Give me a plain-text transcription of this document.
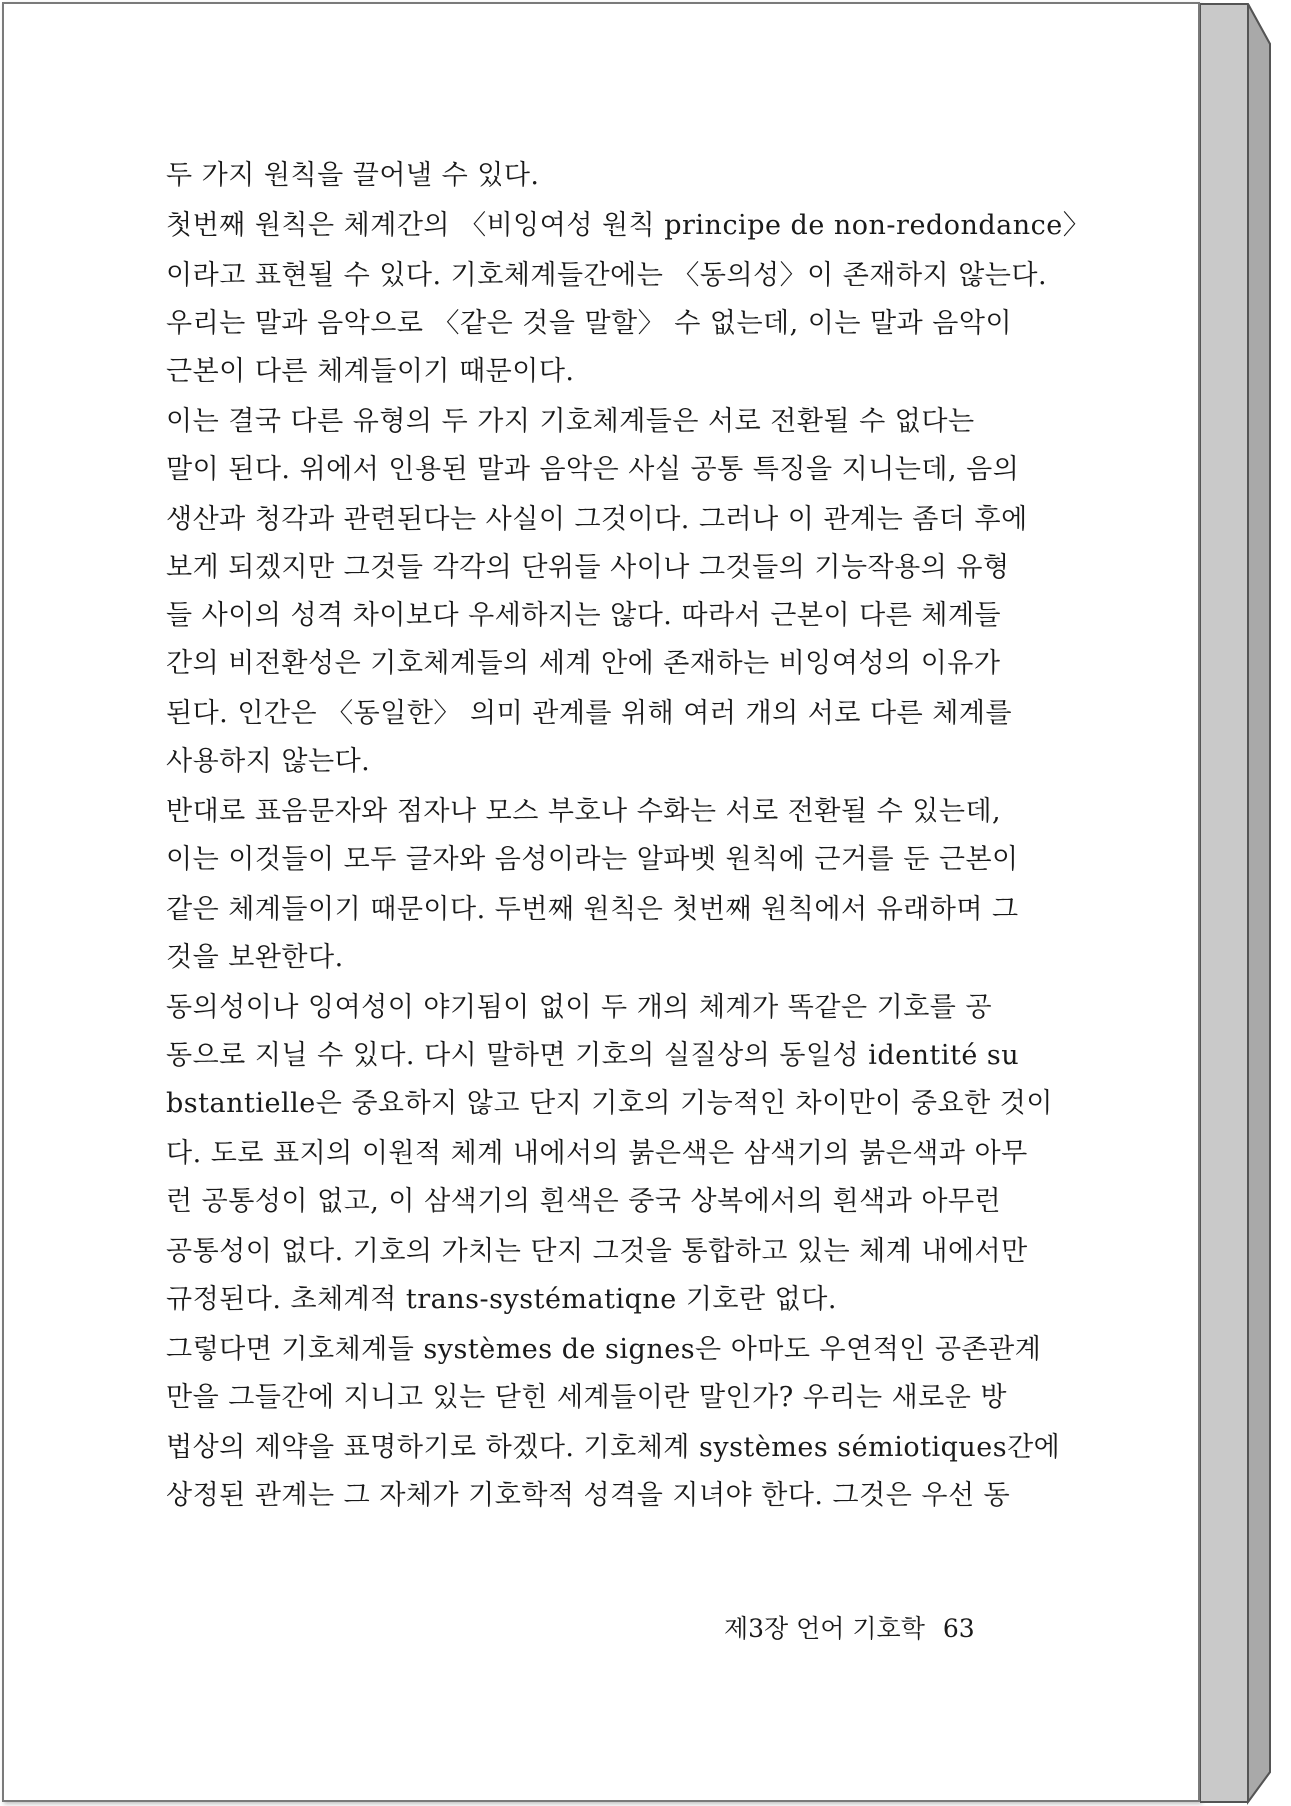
두 가지 원칙을 끌어낼 수 있다.
첫번째 원칙은 체계간의 〈비잉여성 원칙 principe de non-redondance〉
이라고 표현될 수 있다. 기호체계들간에는 〈동의성〉이 존재하지 않는다.
우리는 말과 음악으로 〈같은 것을 말할〉 수 없는데, 이는 말과 음악이
근본이 다른 체계들이기 때문이다.
이는 결국 다른 유형의 두 가지 기호체계들은 서로 전환될 수 없다는
말이 된다. 위에서 인용된 말과 음악은 사실 공통 특징을 지니는데, 음의
생산과 청각과 관련된다는 사실이 그것이다. 그러나 이 관계는 좀더 후에
보게 되겠지만 그것들 각각의 단위들 사이나 그것들의 기능작용의 유형
들 사이의 성격 차이보다 우세하지는 않다. 따라서 근본이 다른 체계들
간의 비전환성은 기호체계들의 세계 안에 존재하는 비잉여성의 이유가
된다. 인간은 〈동일한〉 의미 관계를 위해 여러 개의 서로 다른 체계를
사용하지 않는다.
반대로 표음문자와 점자나 모스 부호나 수화는 서로 전환될 수 있는데,
이는 이것들이 모두 글자와 음성이라는 알파벳 원칙에 근거를 둔 근본이
같은 체계들이기 때문이다. 두번째 원칙은 첫번째 원칙에서 유래하며 그
것을 보완한다.
동의성이나 잉여성이 야기됨이 없이 두 개의 체계가 똑같은 기호를 공
동으로 지닐 수 있다. 다시 말하면 기호의 실질상의 동일성 identité su
bstantielle은 중요하지 않고 단지 기호의 기능적인 차이만이 중요한 것이
다. 도로 표지의 이원적 체계 내에서의 붉은색은 삼색기의 붉은색과 아무
런 공통성이 없고, 이 삼색기의 흰색은 중국 상복에서의 흰색과 아무런
공통성이 없다. 기호의 가치는 단지 그것을 통합하고 있는 체계 내에서만
규정된다. 초체계적 trans-systématiqne 기호란 없다.
그렇다면 기호체계들 systèmes de signes은 아마도 우연적인 공존관계
만을 그들간에 지니고 있는 닫힌 세계들이란 말인가? 우리는 새로운 방
법상의 제약을 표명하기로 하겠다. 기호체계 systèmes sémiotiques간에
상정된 관계는 그 자체가 기호학적 성격을 지녀야 한다. 그것은 우선 동
제3장 언어 기호학 63
